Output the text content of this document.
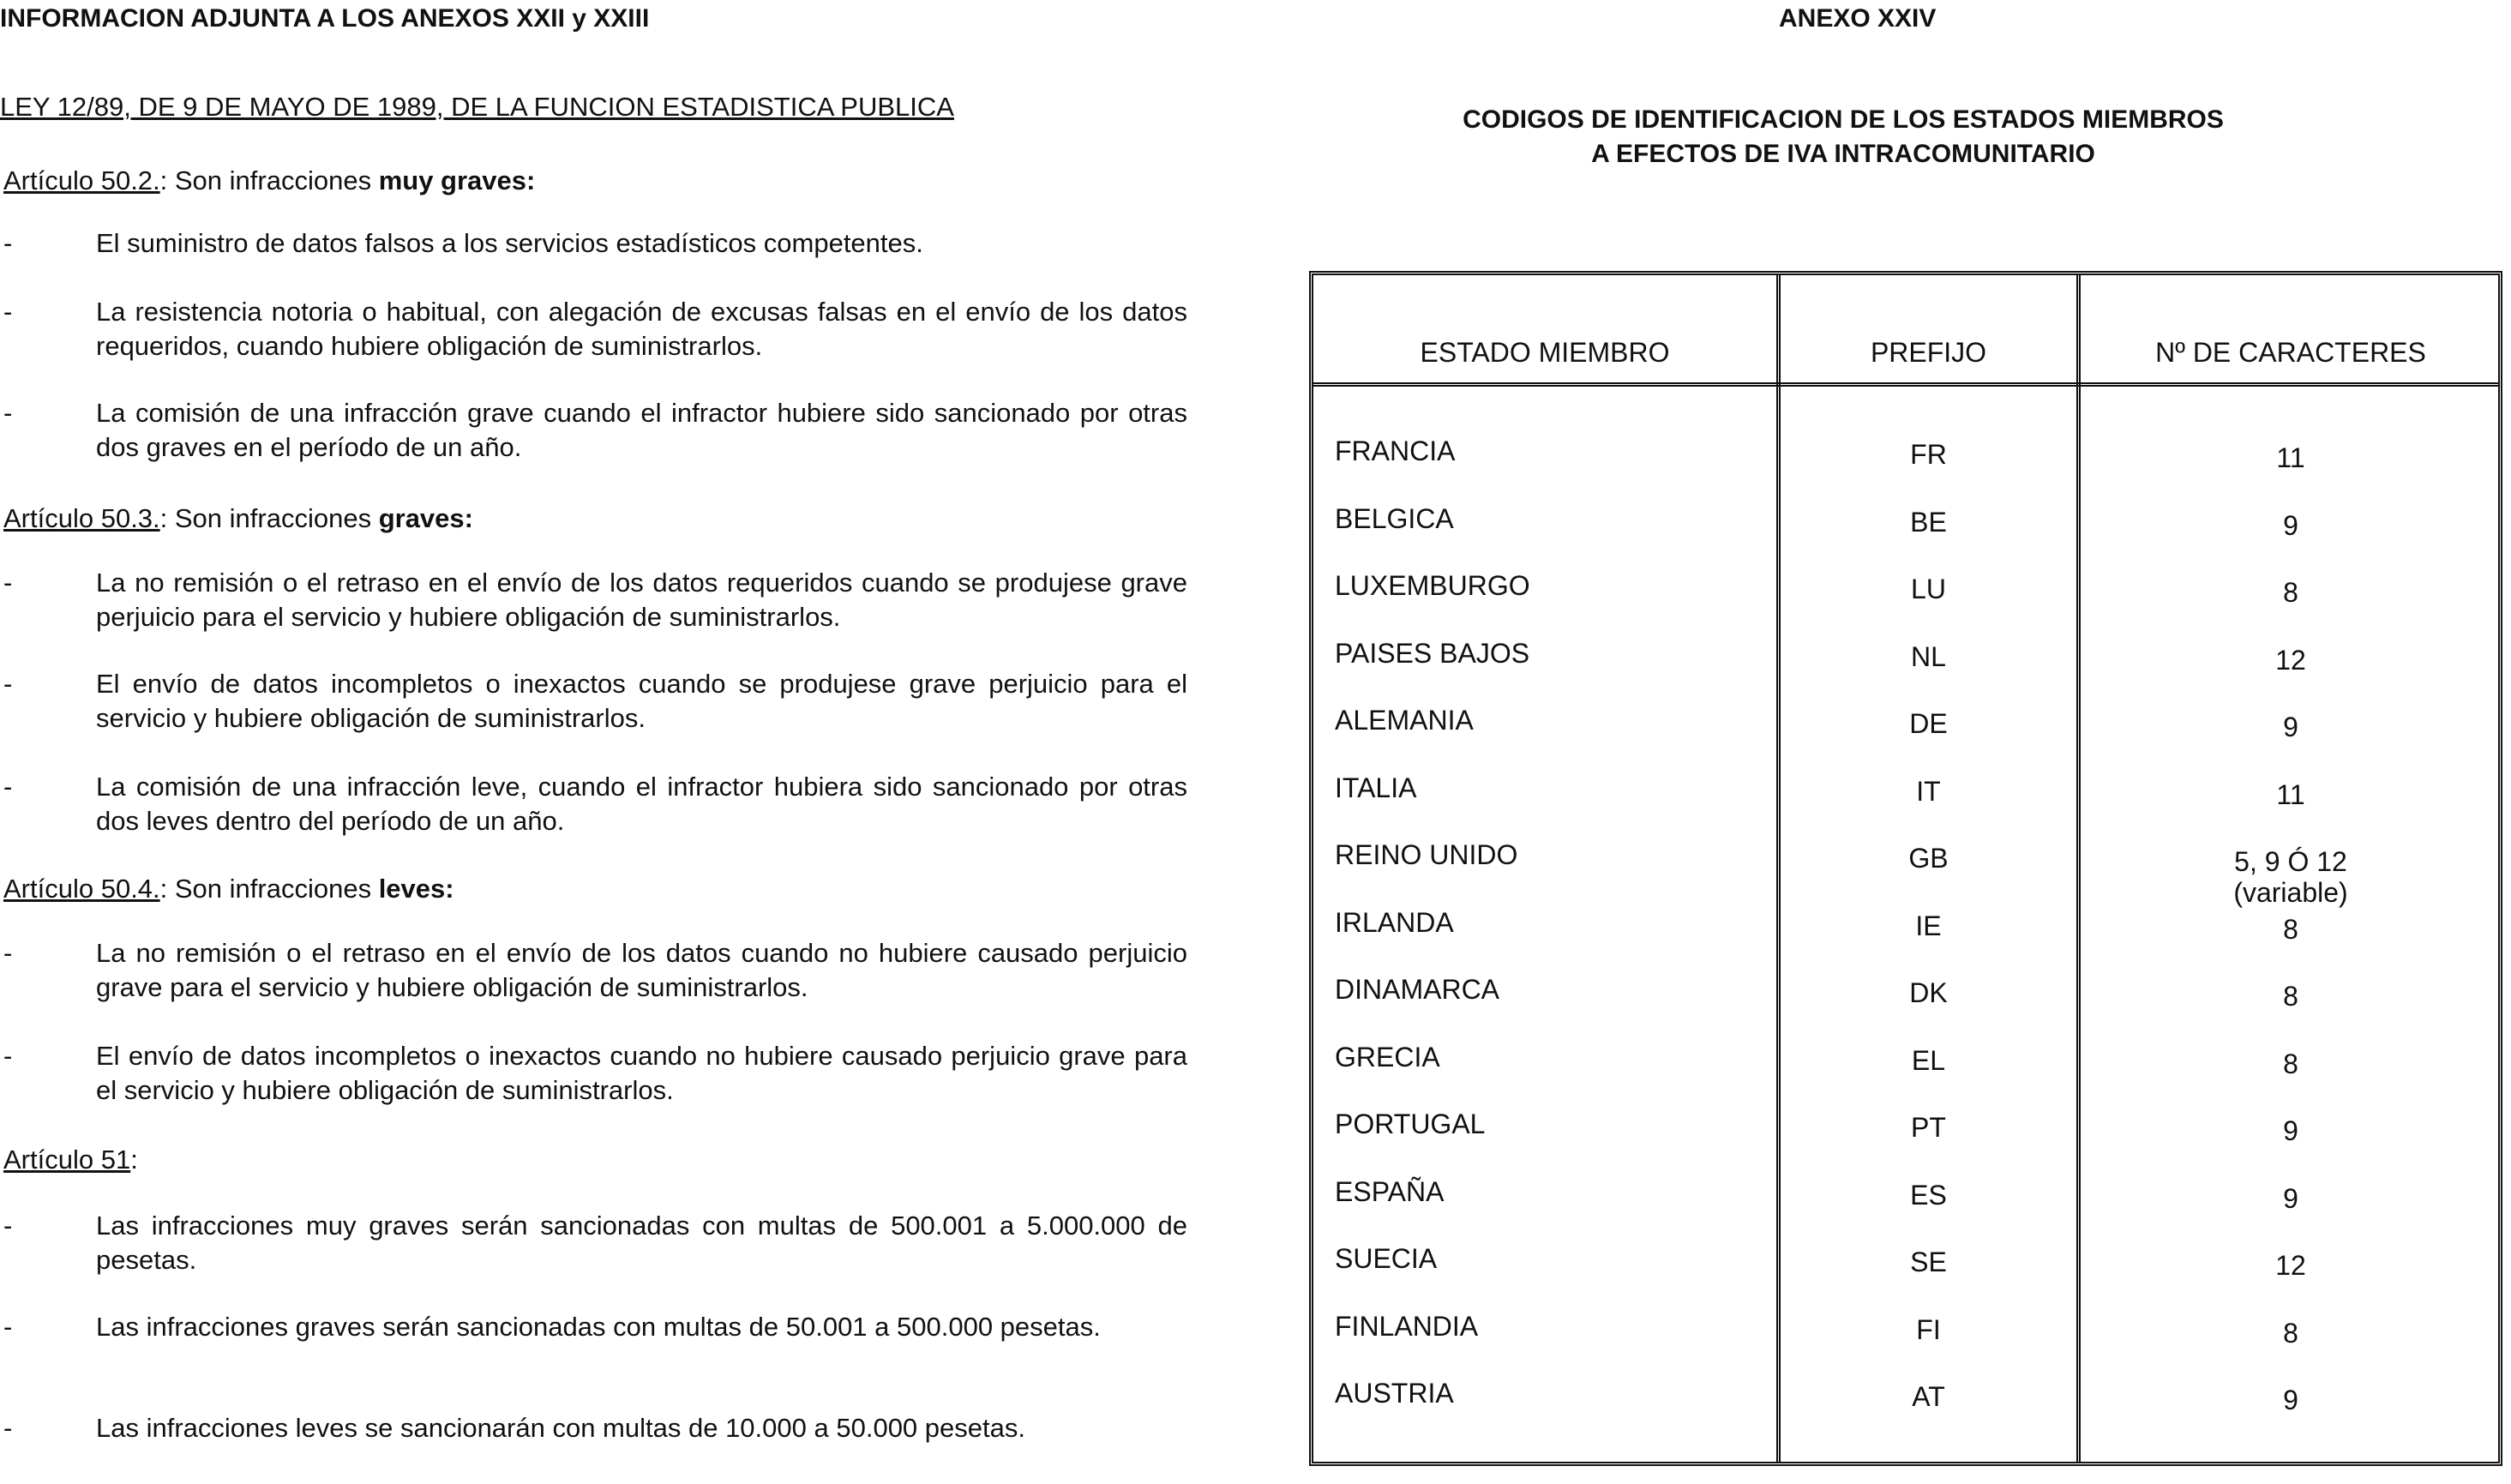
INFORMACION ADJUNTA A LOS ANEXOS XXII y XXIII
LEY 12/89, DE 9 DE MAYO DE 1989, DE LA FUNCION ESTADISTICA PUBLICA
Artículo 50.2.: Son infracciones muy graves:
-	El suministro de datos falsos a los servicios estadísticos competentes.
-	La resistencia notoria o habitual, con alegación de excusas falsas en el envío de los datos requeridos, cuando hubiere obligación de suministrarlos.
-	La comisión de una infracción grave cuando el infractor hubiere sido sancionado por otras dos graves en el período de un año.
Artículo 50.3.: Son infracciones graves:
-	La no remisión o el retraso en el envío de los datos requeridos cuando se produjese grave perjuicio para el servicio y hubiere obligación de suministrarlos.
-	El envío de datos incompletos o inexactos cuando se produjese grave perjuicio para el servicio y hubiere obligación de suministrarlos.
-	La comisión de una infracción leve, cuando el infractor hubiera sido sancionado por otras dos leves dentro del período de un año.
Artículo 50.4.: Son infracciones leves:
-	La no remisión o el retraso en el envío de los datos cuando no hubiere causado perjuicio grave para el servicio y hubiere obligación de suministrarlos.
-	El envío de datos incompletos o inexactos cuando no hubiere causado perjuicio grave para el servicio y hubiere obligación de suministrarlos.
Artículo 51:
-	Las infracciones muy graves serán sancionadas con multas de 500.001 a 5.000.000 de pesetas.
-	Las infracciones graves serán sancionadas con multas de 50.001 a 500.000 pesetas.
-	Las infracciones leves se sancionarán con multas de 10.000 a 50.000 pesetas.
ANEXO XXIV
CODIGOS DE IDENTIFICACION DE LOS ESTADOS MIEMBROS
A EFECTOS DE IVA INTRACOMUNITARIO
ESTADO MIEMBRO	PREFIJO	Nº DE CARACTERES
FRANCIA	FR	11
BELGICA	BE	9
LUXEMBURGO	LU	8
PAISES BAJOS	NL	12
ALEMANIA	DE	9
ITALIA	IT	11
REINO UNIDO	GB	5, 9 Ó 12
(variable)
IRLANDA	IE	8
DINAMARCA	DK	8
GRECIA	EL	8
PORTUGAL	PT	9
ESPAÑA	ES	9
SUECIA	SE	12
FINLANDIA	FI	8
AUSTRIA	AT	9
